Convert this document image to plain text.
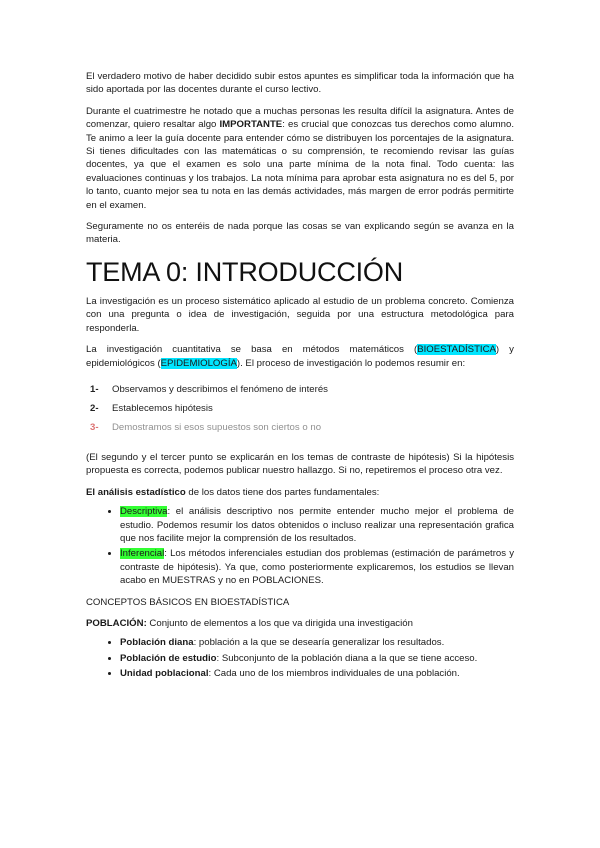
El verdadero motivo de haber decidido subir estos apuntes es simplificar toda la información que ha sido aportada por las docentes durante el curso lectivo.

Durante el cuatrimestre he notado que a muchas personas les resulta difícil la asignatura. Antes de comenzar, quiero resaltar algo IMPORTANTE: es crucial que conozcas tus derechos como alumno. Te animo a leer la guía docente para entender cómo se distribuyen los porcentajes de la asignatura. Si tienes dificultades con las matemáticas o su comprensión, te recomiendo revisar las guías docentes, ya que el examen es solo una parte mínima de la nota final. Todo cuenta: las evaluaciones continuas y los trabajos. La nota mínima para aprobar esta asignatura no es del 5, por lo tanto, cuanto mejor sea tu nota en las demás actividades, más margen de error podrás permitirte en el examen.

Seguramente no os enteréis de nada porque las cosas se van explicando según se avanza en la materia.

TEMA 0: INTRODUCCIÓN

La investigación es un proceso sistemático aplicado al estudio de un problema concreto. Comienza con una pregunta o idea de investigación, seguida por una estructura metodológica para responderla.

La investigación cuantitativa se basa en métodos matemáticos (BIOESTADÍSTICA) y epidemiológicos (EPIDEMIOLOGÍA). El proceso de investigación lo podemos resumir en:

1- Observamos y describimos el fenómeno de interés
2- Establecemos hipótesis
3- Demostramos si esos supuestos son ciertos o no

(El segundo y el tercer punto se explicarán en los temas de contraste de hipótesis) Si la hipótesis propuesta es correcta, podemos publicar nuestro hallazgo. Si no, repetiremos el proceso otra vez.

El análisis estadístico de los datos tiene dos partes fundamentales:

• Descriptiva: el análisis descriptivo nos permite entender mucho mejor el problema de estudio. Podemos resumir los datos obtenidos o incluso realizar una representación grafica que nos facilite mejor la comprensión de los resultados.
• Inferencial: Los métodos inferenciales estudian dos problemas (estimación de parámetros y contraste de hipótesis). Ya que, como posteriormente explicaremos, los estudios se llevan acabo en MUESTRAS y no en POBLACIONES.

CONCEPTOS BÁSICOS EN BIOESTADÍSTICA

POBLACIÓN: Conjunto de elementos a los que va dirigida una investigación

• Población diana: población a la que se desearía generalizar los resultados.
• Población de estudio: Subconjunto de la población diana a la que se tiene acceso.
• Unidad poblacional: Cada uno de los miembros individuales de una población.
